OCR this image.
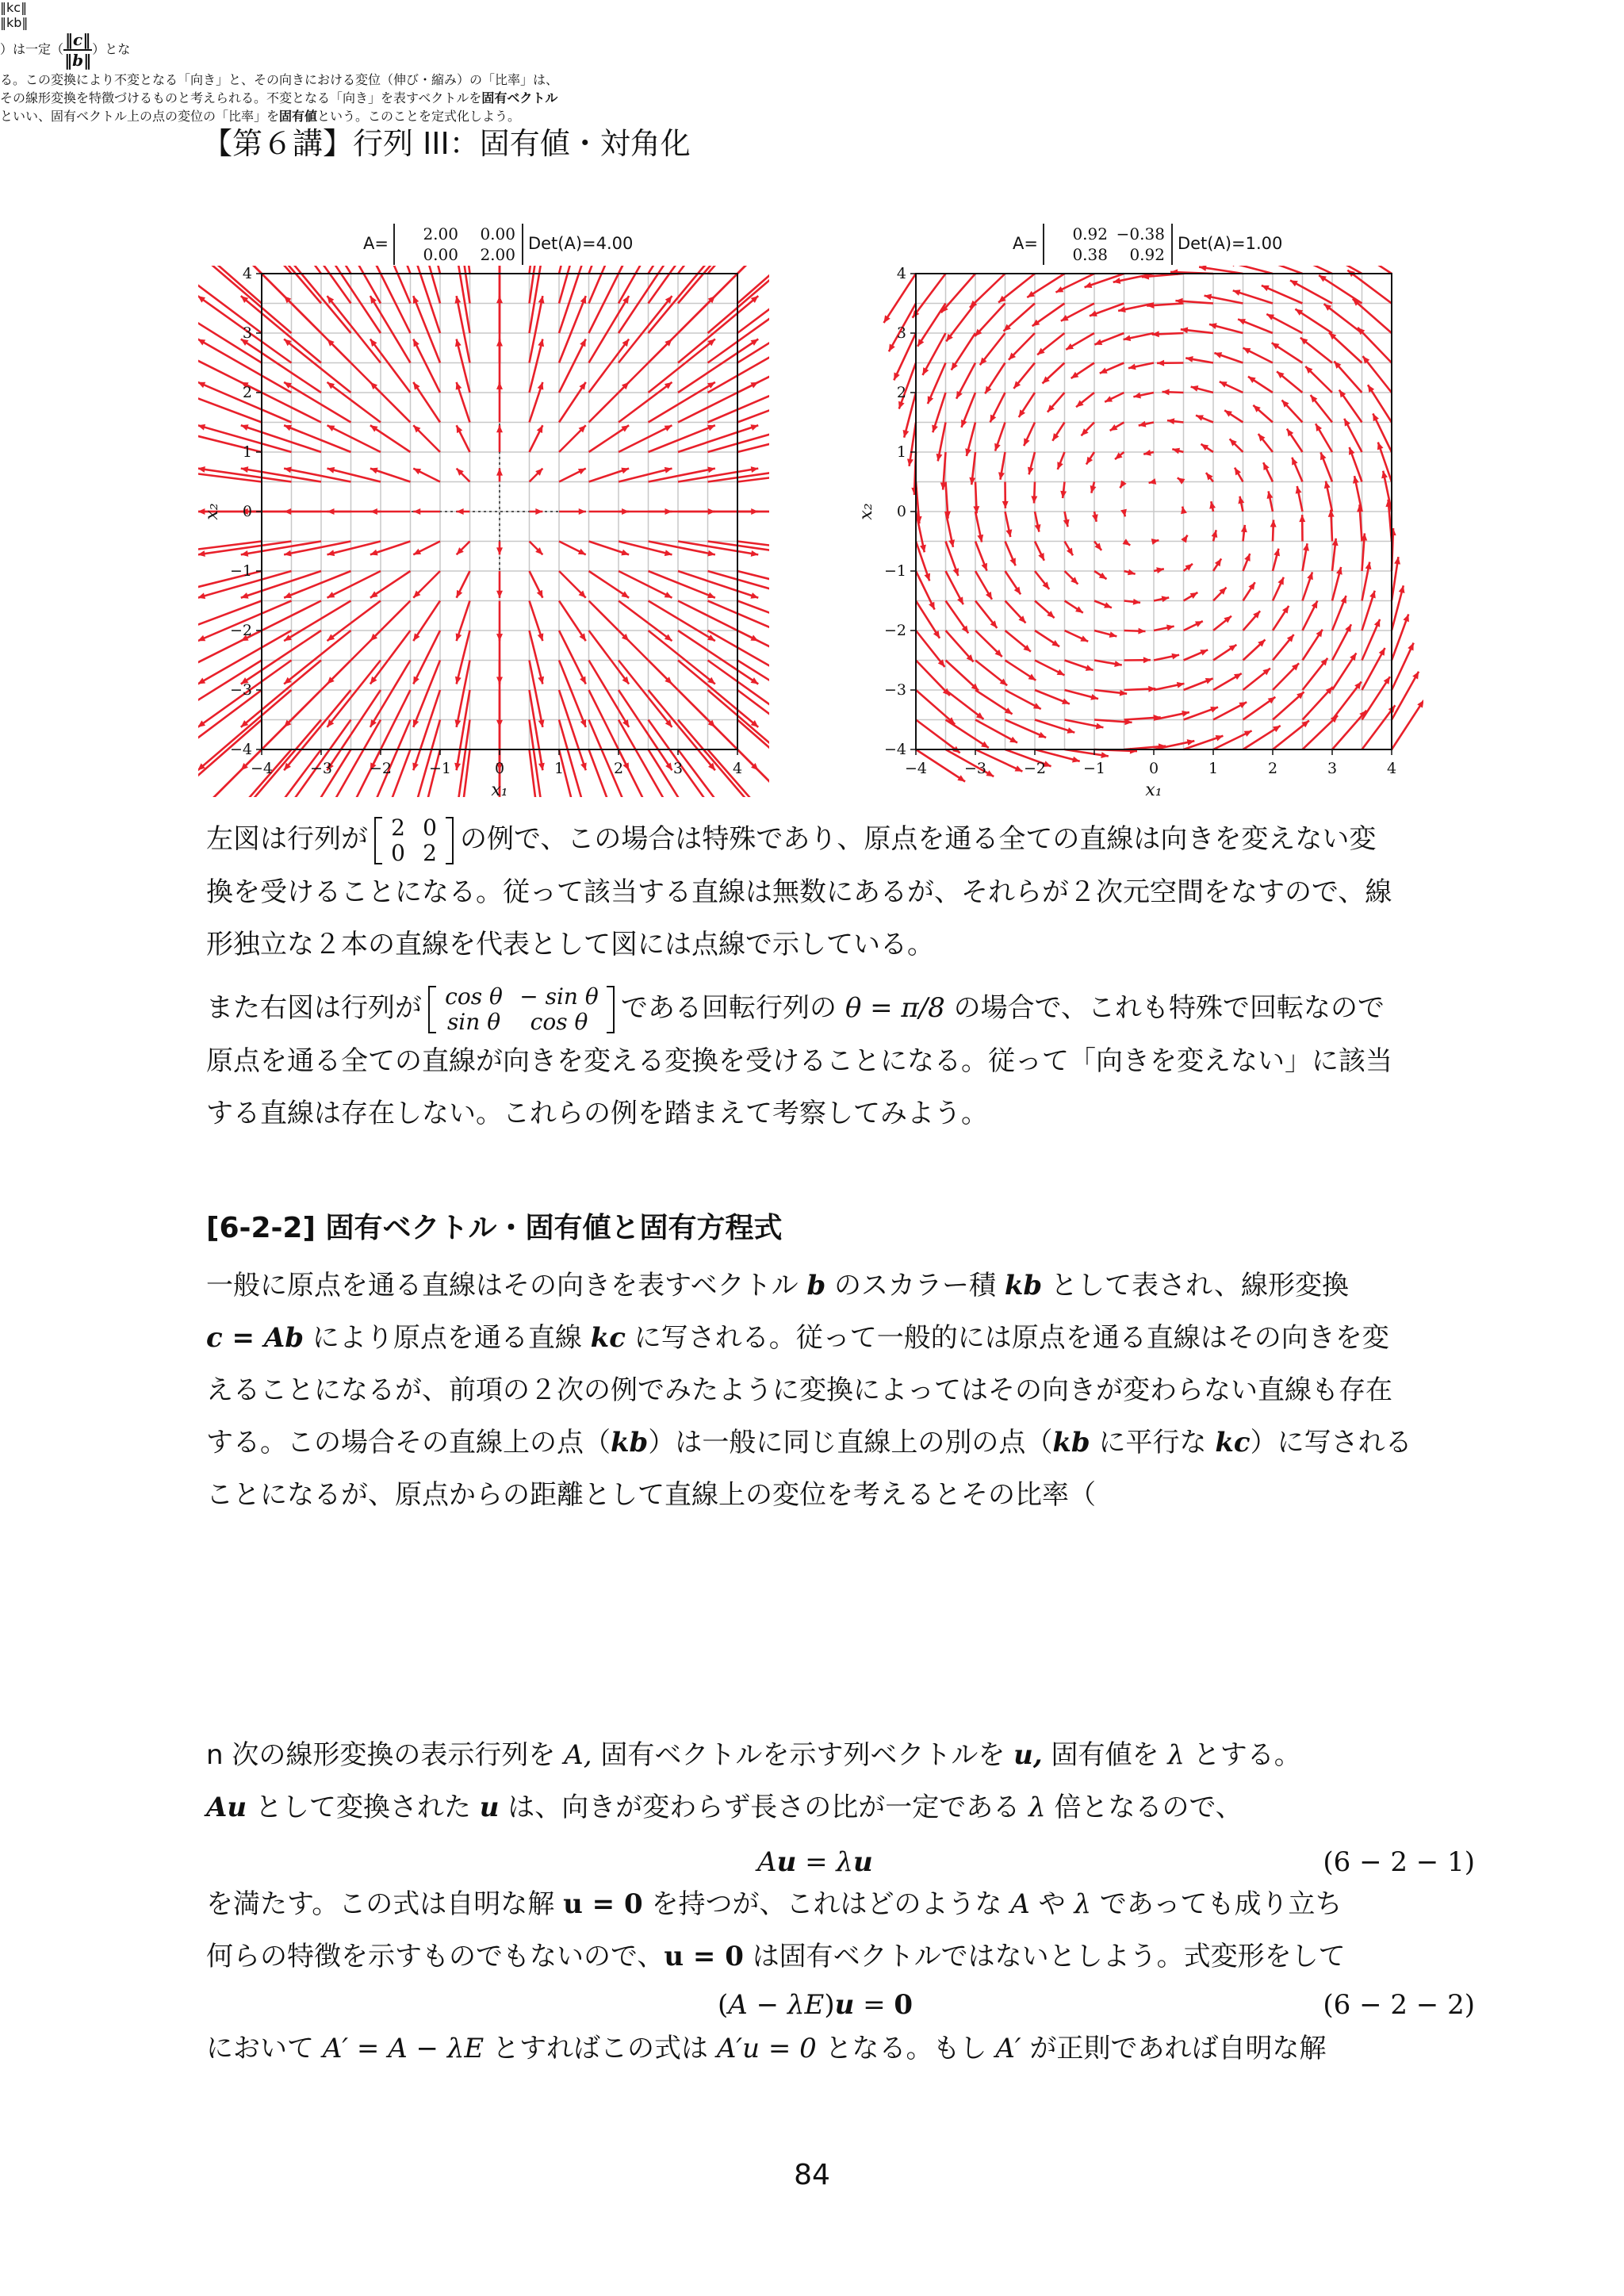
【第６講】行列 III：固有値・対角化
A= 2.00 0.00
0.00 2.00Det(A)=4.00	A= 0.92 −0.38
0.38 0.92Det(A)=1.00
−4 −3 −2 −1	0	1	2	3	4
−4
−3
−2
−1
0
1
2
3
4
x₁
x₂
−4 −3 −2 −1	0	1	2	3	4
−4
−3
−2
−1
0
1
2
3
4
x₁
x₂

左図は行列が 2 0
0 2 の例で、この場合は特殊であり、原点を通る全ての直線は向きを変えない変
換を受けることになる。従って該当する直線は無数にあるが、それらが２次元空間をなすので、線
形独立な２本の直線を代表として図には点線で示している。

また右図は行列が cos θ − sin θ
sin θ cos θ である回転行列の θ = π/8 の場合で、これも特殊で回転なので
原点を通る全ての直線が向きを変える変換を受けることになる。従って「向きを変えない」に該当
する直線は存在しない。これらの例を踏まえて考察してみよう。

[6-2-2] 固有ベクトル・固有値と固有方程式

一般に原点を通る直線はその向きを表すベクトル b のスカラー積 kb として表され、線形変換
c = Ab により原点を通る直線 kc に写される。従って一般的には原点を通る直線はその向きを変
えることになるが、前項の２次の例でみたように変換によってはその向きが変わらない直線も存在
する。この場合その直線上の点（kb）は一般に同じ直線上の別の点（kb に平行な kc）に写される
ことになるが、原点からの距離として直線上の変位を考えるとその比率（

‖kc‖
‖kb‖
）は一定（ $\frac{‖c‖}{‖b‖}$ ）とな
る。この変換により不変となる「向き」と、その向きにおける変位（伸び・縮み）の「比率」は、
その線形変換を特徴づけるものと考えられる。不変となる「向き」を表すベクトルを固有ベクトル
といい、固有ベクトル上の点の変位の「比率」を固有値という。このことを定式化しよう。

n 次の線形変換の表示行列を A, 固有ベクトルを示す列ベクトルを u, 固有値を λ とする。
Au として変換された u は、向きが変わらず長さの比が一定である λ 倍となるので、

Au = λu	(6 − 2 − 1)

を満たす。この式は自明な解 u = 0 を持つが、これはどのような A や λ であっても成り立ち
何らの特徴を示すものでもないので、u = 0 は固有ベクトルではないとしよう。式変形をして

(A − λE)u = 0	(6 − 2 − 2)

において A′ = A − λE とすればこの式は A′u = 0 となる。もし A′ が正則であれば自明な解

84
